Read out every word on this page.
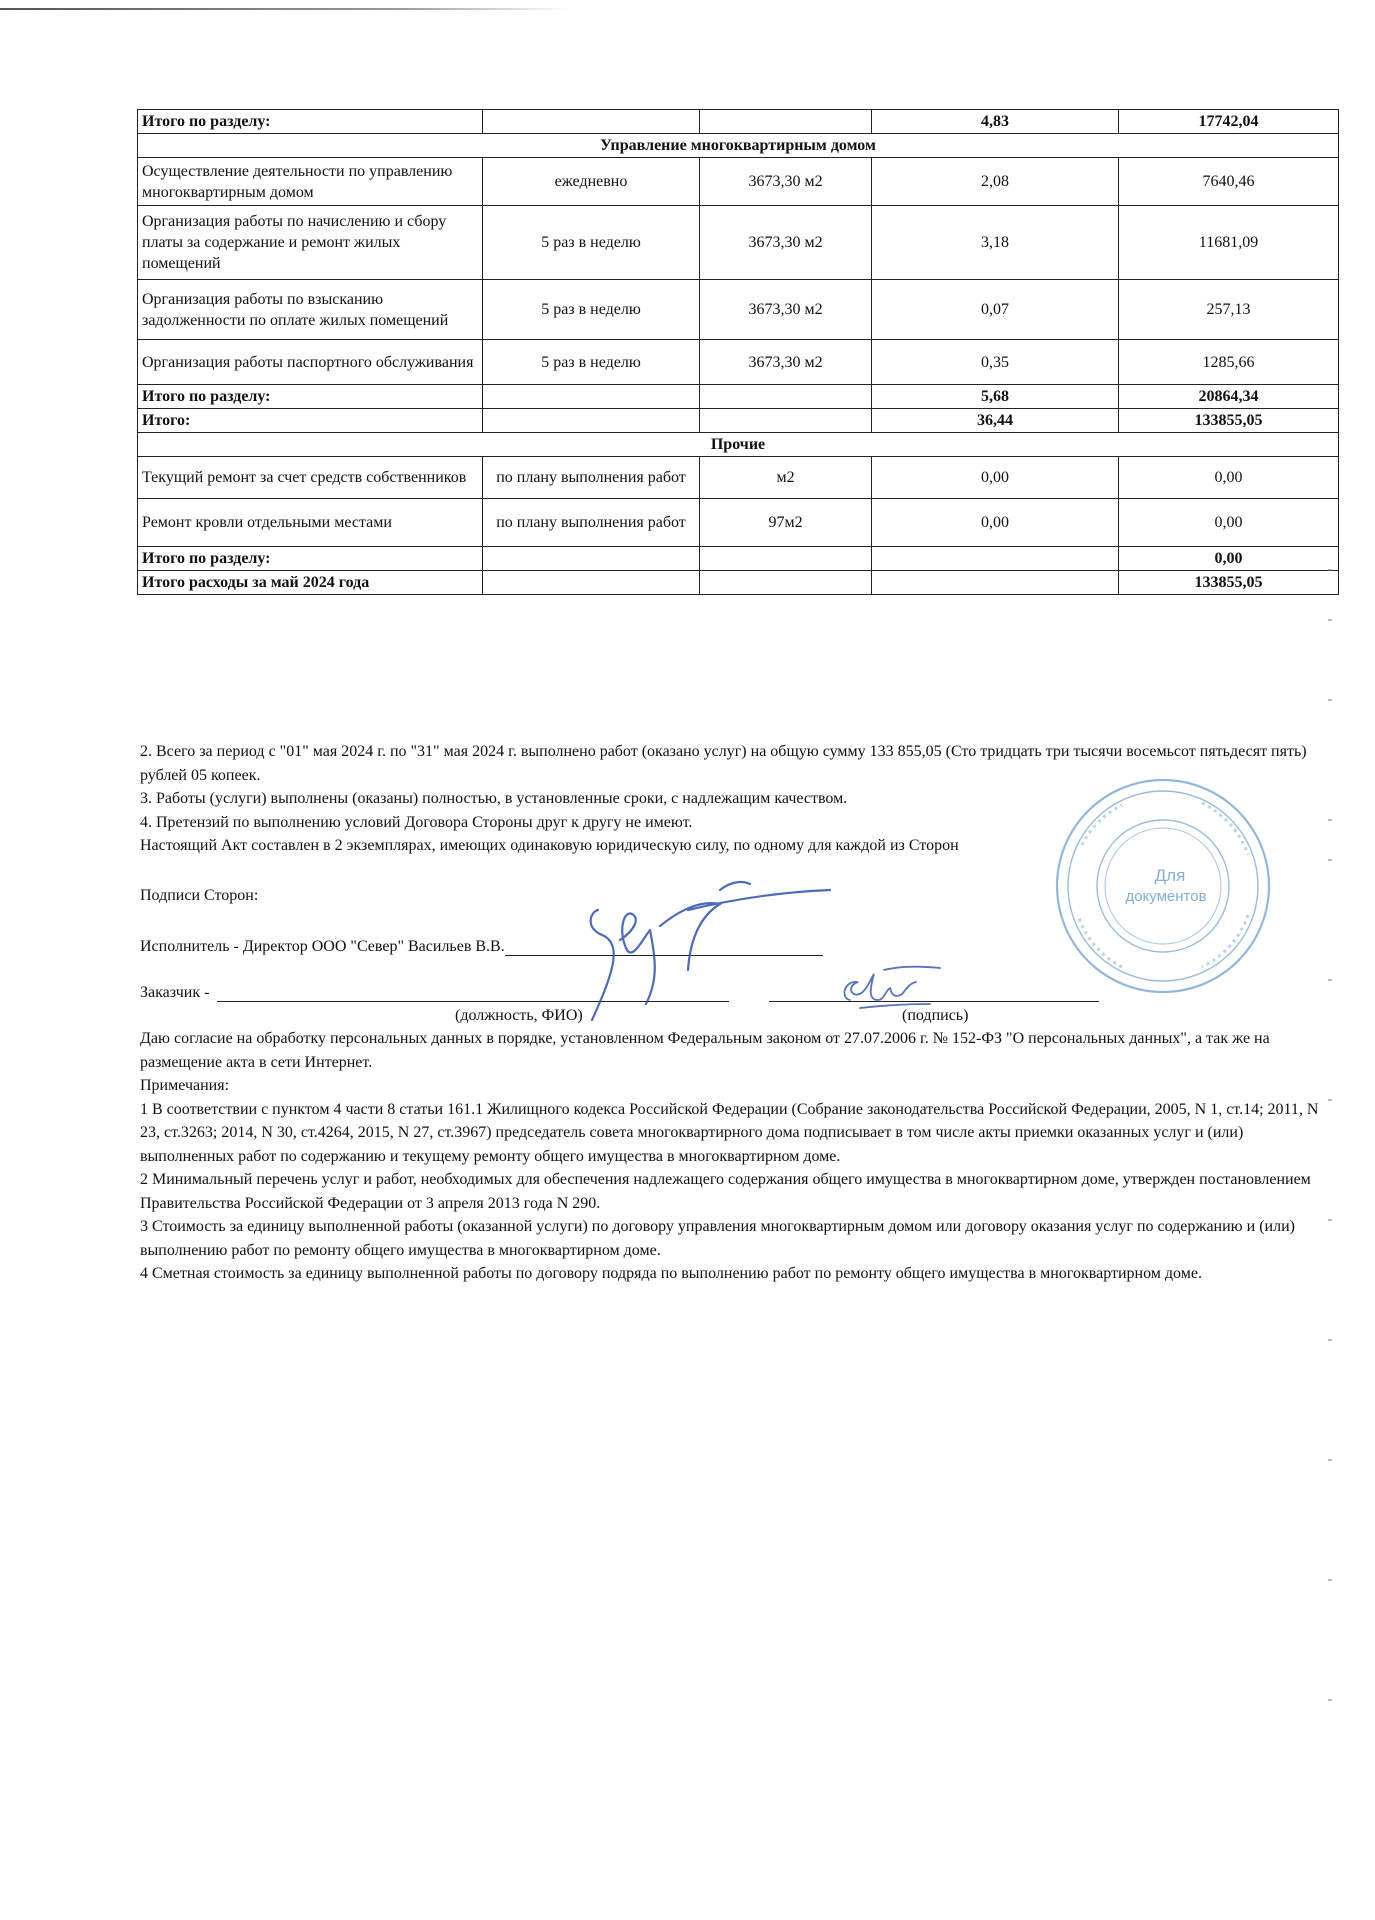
Итого по разделу:			4,83	17742,04
Управление многоквартирным домом				
Осуществление деятельности по управлению многоквартирным домом	ежедневно	3673,30 м2	2,08	7640,46
Организация работы по начислению и сбору платы за содержание и ремонт жилых помещений	5 раз в неделю	3673,30 м2	3,18	11681,09
Организация работы по взысканию задолженности по оплате жилых помещений	5 раз в неделю	3673,30 м2	0,07	257,13
Организация работы паспортного обслуживания	5 раз в неделю	3673,30 м2	0,35	1285,66
Итого по разделу:			5,68	20864,34
Итого:			36,44	133855,05
Прочие				
Текущий ремонт за счет средств собственников	по плану выполнения работ	м2	0,00	0,00
Ремонт кровли отдельными местами	по плану выполнения работ	97м2	0,00	0,00
Итого по разделу:				0,00
Итого расходы за май 2024 года				133855,05

2. Всего за период с "01" мая 2024 г. по "31" мая 2024 г. выполнено работ (оказано услуг) на общую сумму 133 855,05 (Сто тридцать три тысячи восемьсот пятьдесят пять) рублей 05 копеек.

3. Работы (услуги) выполнены (оказаны) полностью, в установленные сроки, с надлежащим качеством.

4. Претензий по выполнению условий Договора Стороны друг к другу не имеют.

Настоящий Акт составлен в 2 экземплярах, имеющих одинаковую юридическую силу, по одному для каждой из Сторон

Подписи Сторон:
Исполнитель - Директор ООО "Север" Васильев В.В.
Заказчик -
(должность, ФИО)	(подпись)

Даю согласие на обработку персональных данных в порядке, установленном Федеральным законом от 27.07.2006 г. № 152-ФЗ "О персональных данных", а так же на размещение акта в сети Интернет.

Примечания:

1 В соответствии с пунктом 4 части 8 статьи 161.1 Жилищного кодекса Российской Федерации (Собрание законодательства Российской Федерации, 2005, N 1, ст.14; 2011, N 23, ст.3263; 2014, N 30, ст.4264, 2015, N 27, ст.3967) председатель совета многоквартирного дома подписывает в том числе акты приемки оказанных услуг и (или) выполненных работ по содержанию и текущему ремонту общего имущества в многоквартирном доме.

2 Минимальный перечень услуг и работ, необходимых для обеспечения надлежащего содержания общего имущества в многоквартирном доме, утвержден постановлением Правительства Российской Федерации от 3 апреля 2013 года N 290.

3 Стоимость за единицу выполненной работы (оказанной услуги) по договору управления многоквартирным домом или договору оказания услуг по содержанию и (или) выполнению работ по ремонту общего имущества в многоквартирном доме.

4 Сметная стоимость за единицу выполненной работы по договору подряда по выполнению работ по ремонту общего имущества в многоквартирном доме.

Для
документов
